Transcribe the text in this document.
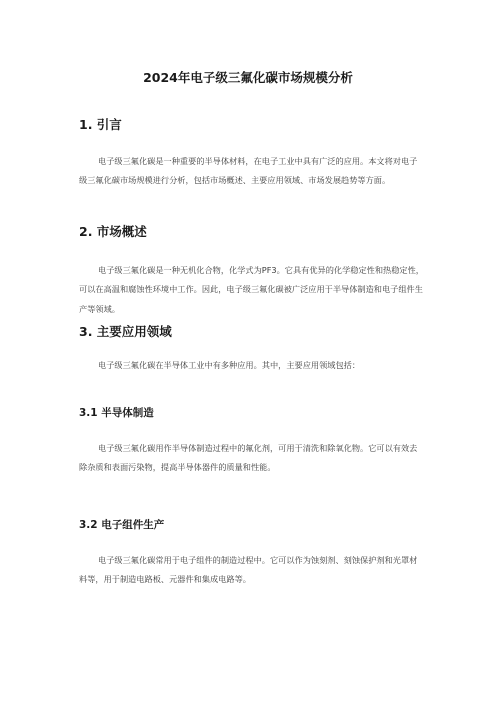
2024年电子级三氟化碳市场规模分析
1. 引言

电子级三氟化碳是一种重要的半导体材料，在电子工业中具有广泛的应用。本文将对电子级三氟化碳市场规模进行分析，包括市场概述、主要应用领域、市场发展趋势等方面。

2. 市场概述

电子级三氟化碳是一种无机化合物，化学式为PF3。它具有优异的化学稳定性和热稳定性，可以在高温和腐蚀性环境中工作。因此，电子级三氟化碳被广泛应用于半导体制造和电子组件生产等领域。

3. 主要应用领域

电子级三氟化碳在半导体工业中有多种应用。其中，主要应用领域包括：

3.1 半导体制造

电子级三氟化碳用作半导体制造过程中的氟化剂，可用于清洗和除氧化物。它可以有效去除杂质和表面污染物，提高半导体器件的质量和性能。

3.2 电子组件生产

电子级三氟化碳常用于电子组件的制造过程中。它可以作为蚀刻剂、刻蚀保护剂和光罩材料等，用于制造电路板、元器件和集成电路等。
